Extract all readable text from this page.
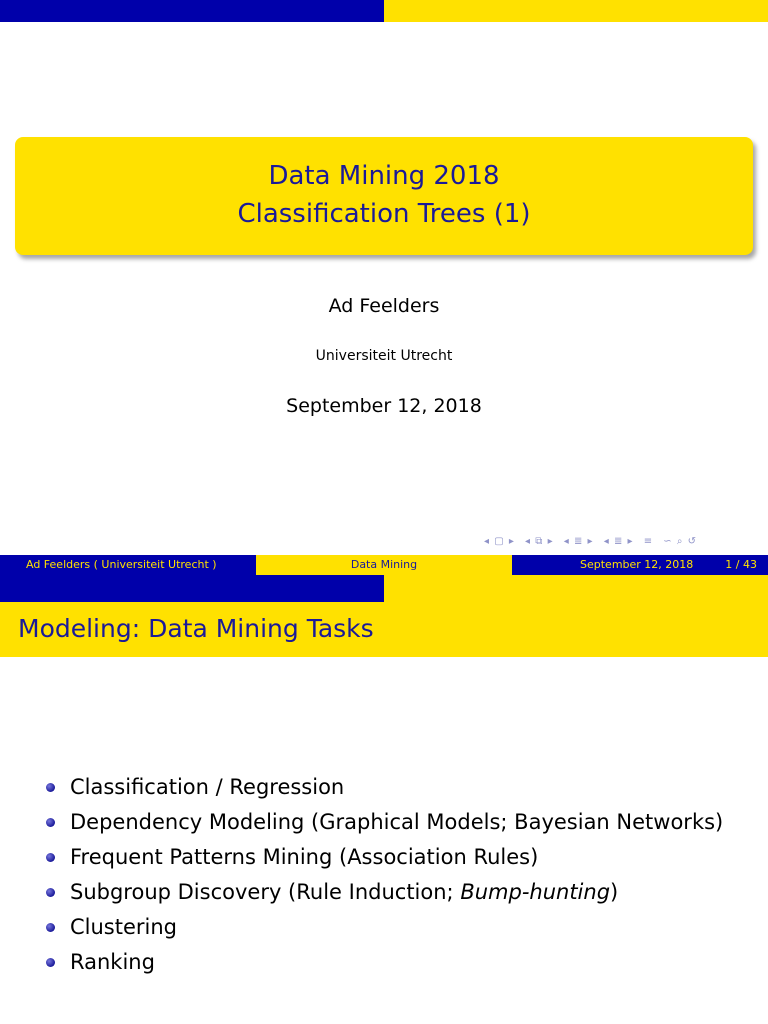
Data Mining 2018
Classification Trees (1)
Ad Feelders
Universiteit Utrecht
September 12, 2018
◂ ▢ ▸ ◂ ⧉ ▸ ◂ ≣ ▸ ◂ ≣ ▸ ≡ ∽ ⌕ ↺
Ad Feelders ( Universiteit Utrecht )	Data Mining	September 12, 2018	1 / 43
Modeling: Data Mining Tasks
Classification / Regression
Dependency Modeling (Graphical Models; Bayesian Networks)
Frequent Patterns Mining (Association Rules)
Subgroup Discovery (Rule Induction; Bump-hunting)
Clustering
Ranking
